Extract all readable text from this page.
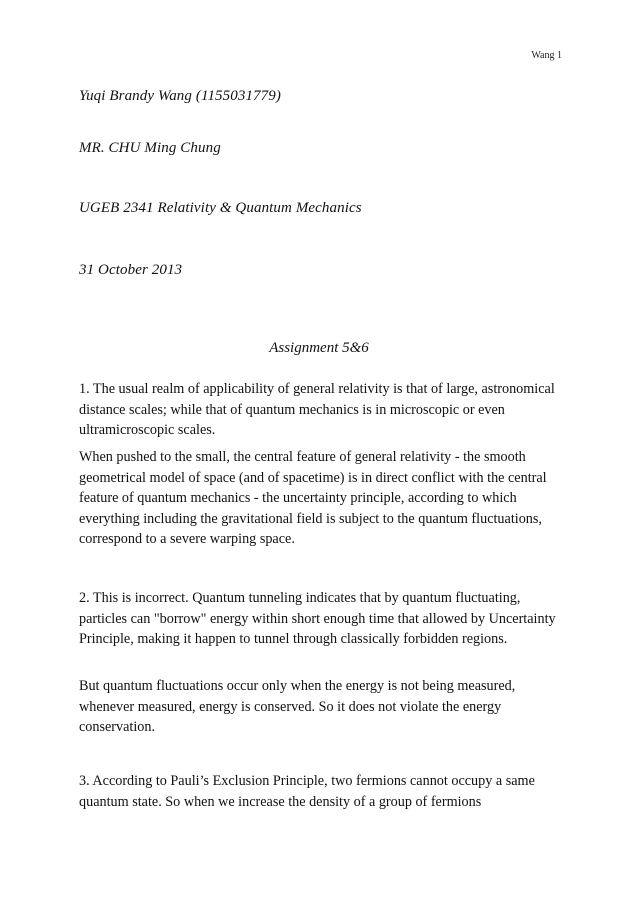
Wang 1
Yuqi Brandy Wang (1155031779)
MR. CHU Ming Chung
UGEB 2341 Relativity & Quantum Mechanics
31 October 2013
Assignment 5&6

1. The usual realm of applicability of general relativity is that of large, astronomical distance scales; while that of quantum mechanics is in microscopic or even ultramicroscopic scales.

When pushed to the small, the central feature of general relativity - the smooth geometrical model of space (and of spacetime) is in direct conflict with the central feature of quantum mechanics - the uncertainty principle, according to which everything including the gravitational field is subject to the quantum fluctuations, correspond to a severe warping space.

2. This is incorrect. Quantum tunneling indicates that by quantum fluctuating, particles can "borrow" energy within short enough time that allowed by Uncertainty Principle, making it happen to tunnel through classically forbidden regions.

But quantum fluctuations occur only when the energy is not being measured, whenever measured, energy is conserved. So it does not violate the energy conservation.

3. According to Pauli’s Exclusion Principle, two fermions cannot occupy a same quantum state. So when we increase the density of a group of fermions
